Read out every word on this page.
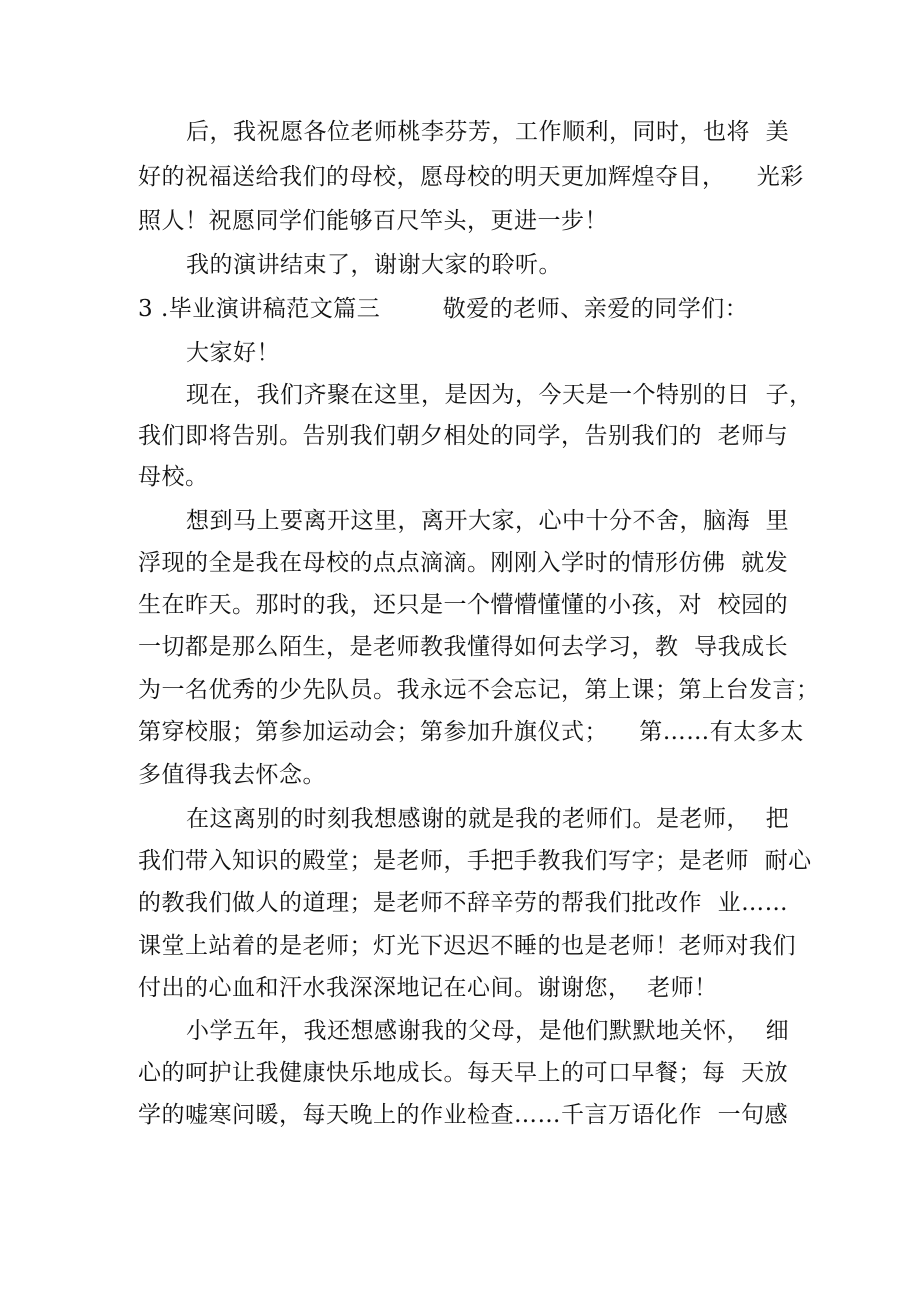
后，我祝愿各位老师桃李芬芳，工作顺利，同时，也将  美
好的祝福送给我们的母校，愿母校的明天更加辉煌夺目，    光彩
照人！祝愿同学们能够百尺竿头，更进一步！
我的演讲结束了，谢谢大家的聆听。
3 .毕业演讲稿范文篇三        敬爱的老师、亲爱的同学们：
大家好！
现在，我们齐聚在这里，是因为，今天是一个特别的日  子，
我们即将告别。告别我们朝夕相处的同学，告别我们的  老师与
母校。
想到马上要离开这里，离开大家，心中十分不舍，脑海  里
浮现的全是我在母校的点点滴滴。刚刚入学时的情形仿佛  就发
生在昨天。那时的我，还只是一个懵懵懂懂的小孩，对  校园的
一切都是那么陌生，是老师教我懂得如何去学习，教  导我成长
为一名优秀的少先队员。我永远不会忘记，第上课；第上台发言；
第穿校服；第参加运动会；第参加升旗仪式；    第……有太多太
多值得我去怀念。
在这离别的时刻我想感谢的就是我的老师们。是老师，  把
我们带入知识的殿堂；是老师，手把手教我们写字；是老师  耐心
的教我们做人的道理；是老师不辞辛劳的帮我们批改作  业……
课堂上站着的是老师；灯光下迟迟不睡的也是老师！老师对我们
付出的心血和汗水我深深地记在心间。谢谢您，  老师！
小学五年，我还想感谢我的父母，是他们默默地关怀，  细
心的呵护让我健康快乐地成长。每天早上的可口早餐；每  天放
学的嘘寒问暖，每天晚上的作业检查……千言万语化作  一句感
